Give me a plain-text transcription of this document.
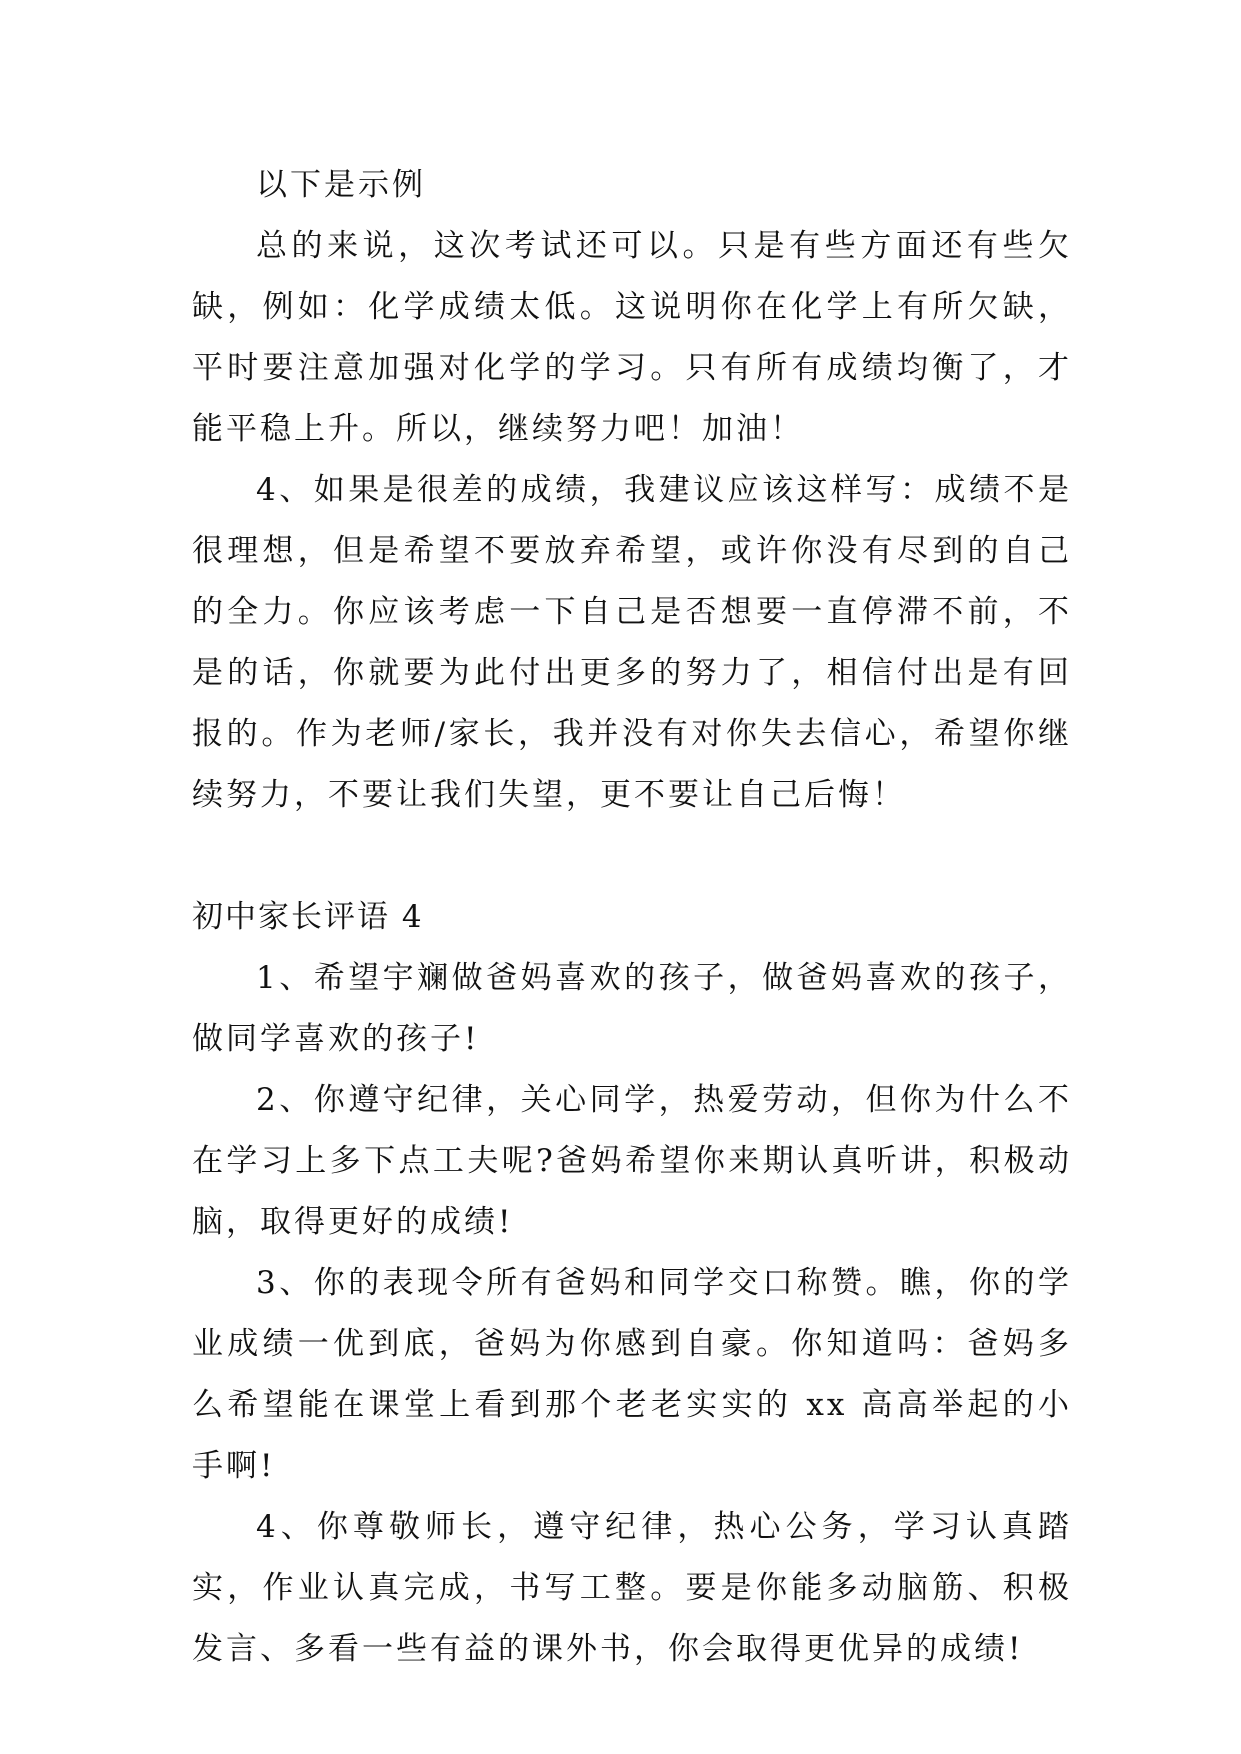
以下是示例

总的来说，这次考试还可以。只是有些方面还有些欠缺，例如：化学成绩太低。这说明你在化学上有所欠缺，平时要注意加强对化学的学习。只有所有成绩均衡了，才能平稳上升。所以，继续努力吧！加油！

4、如果是很差的成绩，我建议应该这样写：成绩不是很理想，但是希望不要放弃希望，或许你没有尽到的自己的全力。你应该考虑一下自己是否想要一直停滞不前，不是的话，你就要为此付出更多的努力了，相信付出是有回报的。作为老师/家长，我并没有对你失去信心，希望你继续努力，不要让我们失望，更不要让自己后悔！

初中家长评语 4

1、希望宇斓做爸妈喜欢的孩子，做爸妈喜欢的孩子，做同学喜欢的孩子!

2、你遵守纪律，关心同学，热爱劳动，但你为什么不在学习上多下点工夫呢?爸妈希望你来期认真听讲，积极动脑，取得更好的成绩!

3、你的表现令所有爸妈和同学交口称赞。瞧，你的学业成绩一优到底，爸妈为你感到自豪。你知道吗：爸妈多么希望能在课堂上看到那个老老实实的 xx 高高举起的小手啊!

4、你尊敬师长，遵守纪律，热心公务，学习认真踏实，作业认真完成，书写工整。要是你能多动脑筋、积极发言、多看一些有益的课外书，你会取得更优异的成绩!
